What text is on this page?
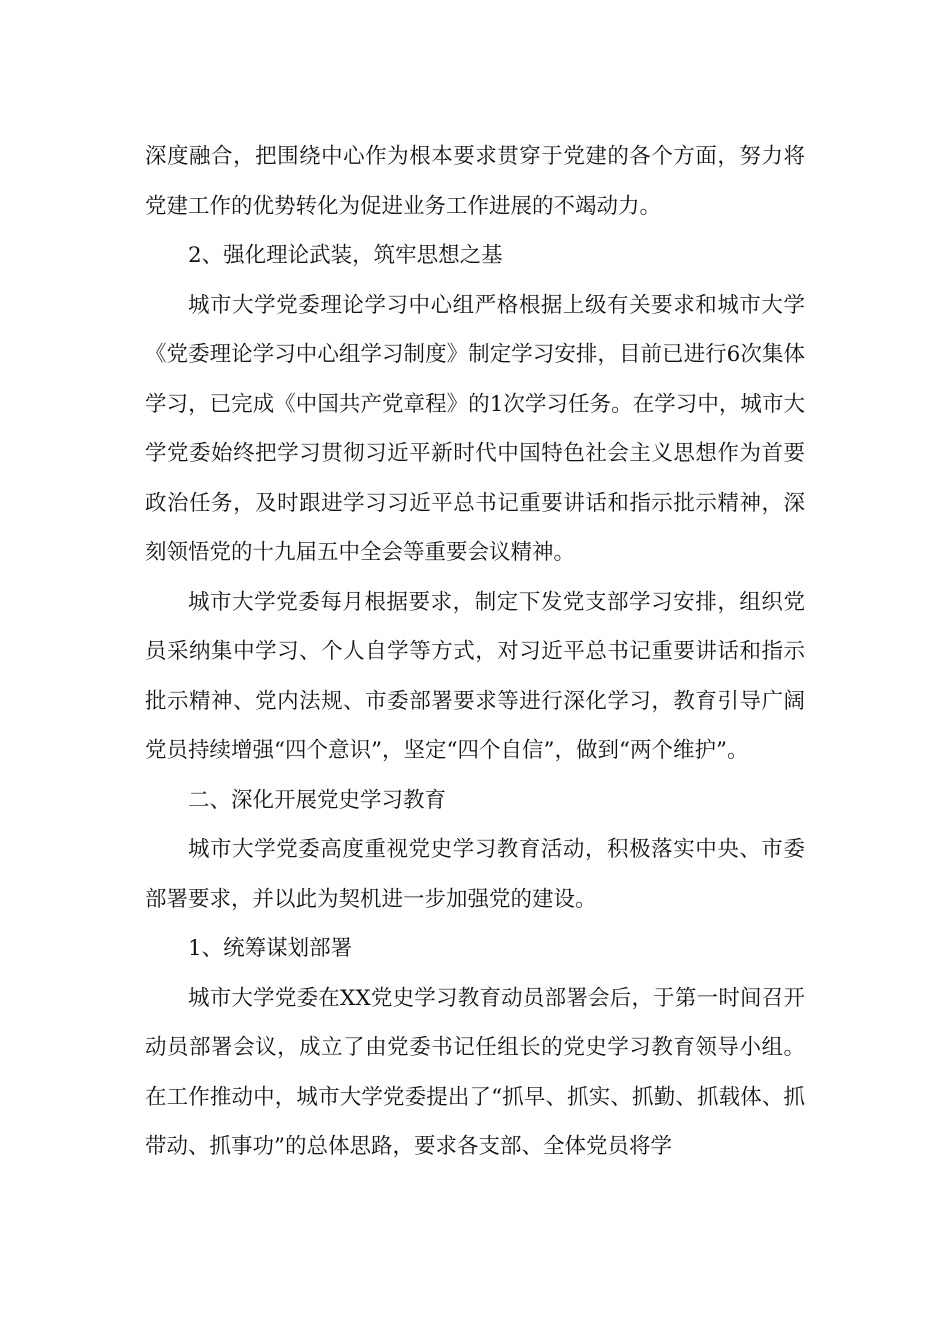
深度融合，把围绕中心作为根本要求贯穿于党建的各个方面，努力将党建工作的优势转化为促进业务工作进展的不竭动力。

2、强化理论武装，筑牢思想之基

城市大学党委理论学习中心组严格根据上级有关要求和城市大学《党委理论学习中心组学习制度》制定学习安排，目前已进行6次集体学习，已完成《中国共产党章程》的1次学习任务。在学习中，城市大学党委始终把学习贯彻习近平新时代中国特色社会主义思想作为首要政治任务，及时跟进学习习近平总书记重要讲话和指示批示精神，深刻领悟党的十九届五中全会等重要会议精神。

城市大学党委每月根据要求，制定下发党支部学习安排，组织党员采纳集中学习、个人自学等方式，对习近平总书记重要讲话和指示批示精神、党内法规、市委部署要求等进行深化学习，教育引导广阔党员持续增强“四个意识”，坚定“四个自信”，做到“两个维护”。

二、深化开展党史学习教育

城市大学党委高度重视党史学习教育活动，积极落实中央、市委部署要求，并以此为契机进一步加强党的建设。

1、统筹谋划部署

城市大学党委在XX党史学习教育动员部署会后，于第一时间召开动员部署会议，成立了由党委书记任组长的党史学习教育领导小组。在工作推动中，城市大学党委提出了“抓早、抓实、抓勤、抓载体、抓带动、抓事功”的总体思路，要求各支部、全体党员将学
